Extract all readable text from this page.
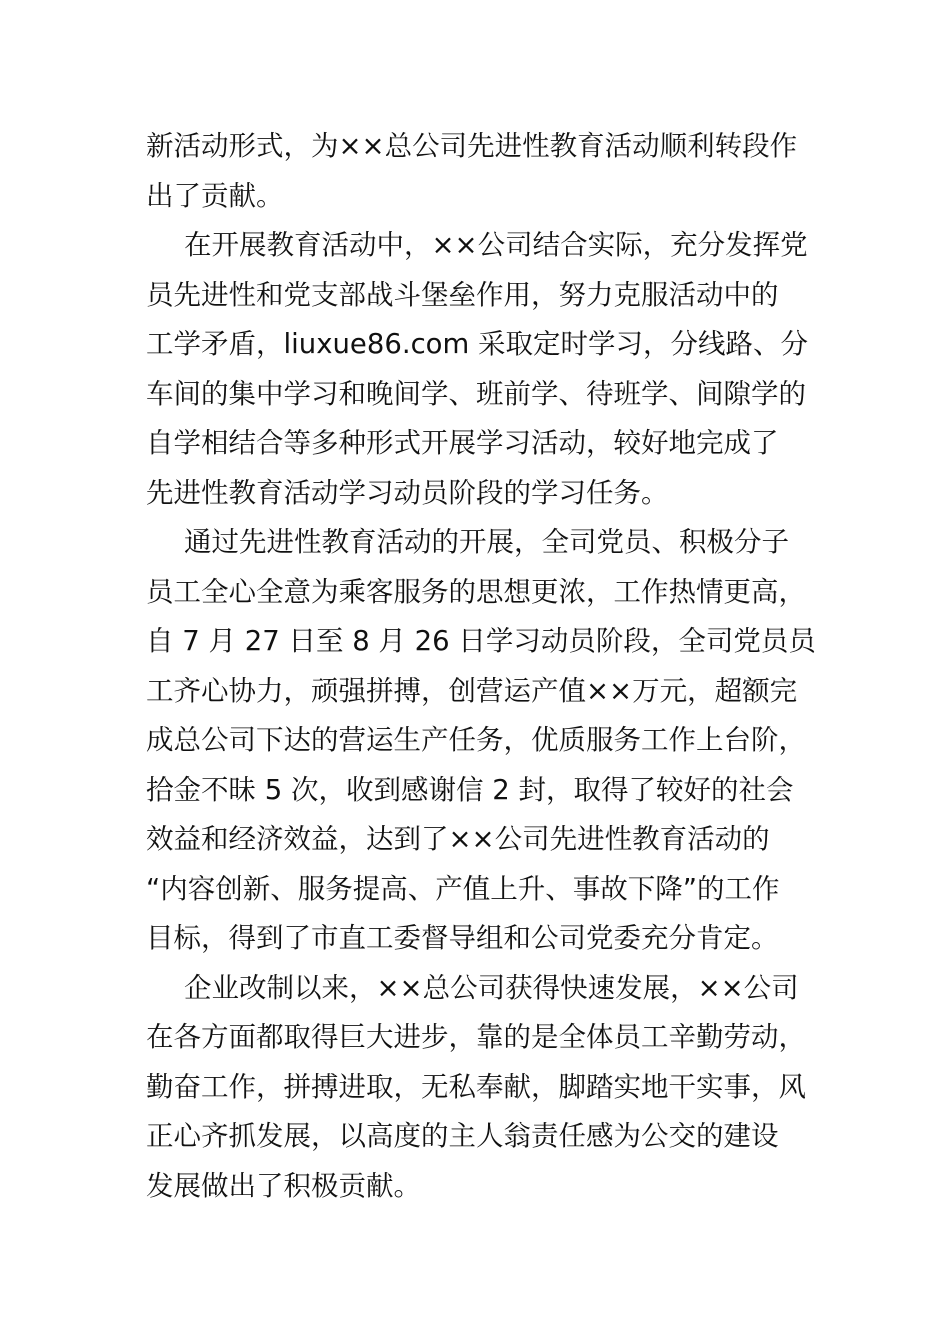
新活动形式，为××总公司先进性教育活动顺利转段作
出了贡献。
在开展教育活动中，××公司结合实际，充分发挥党
员先进性和党支部战斗堡垒作用，努力克服活动中的
工学矛盾，liuxue86.com 采取定时学习，分线路、分
车间的集中学习和晚间学、班前学、待班学、间隙学的
自学相结合等多种形式开展学习活动，较好地完成了
先进性教育活动学习动员阶段的学习任务。
通过先进性教育活动的开展，全司党员、积极分子
员工全心全意为乘客服务的思想更浓，工作热情更高，
自 7 月 27 日至 8 月 26 日学习动员阶段，全司党员员
工齐心协力，顽强拼搏，创营运产值××万元，超额完
成总公司下达的营运生产任务，优质服务工作上台阶，
拾金不昧 5 次，收到感谢信 2 封，取得了较好的社会
效益和经济效益，达到了××公司先进性教育活动的
“内容创新、服务提高、产值上升、事故下降”的工作
目标，得到了市直工委督导组和公司党委充分肯定。
企业改制以来，××总公司获得快速发展，××公司
在各方面都取得巨大进步，靠的是全体员工辛勤劳动，
勤奋工作，拼搏进取，无私奉献，脚踏实地干实事，风
正心齐抓发展，以高度的主人翁责任感为公交的建设
发展做出了积极贡献。
